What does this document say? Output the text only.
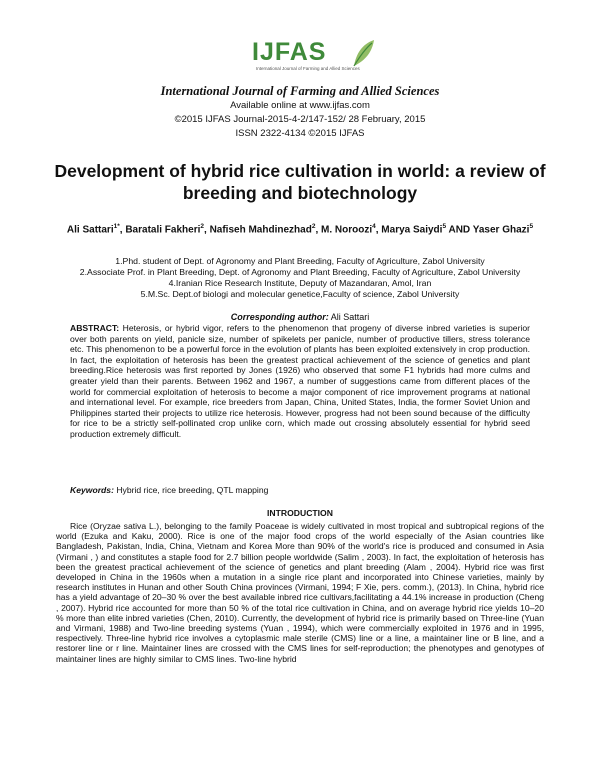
IJFAS
International Journal of Farming and Allied Sciences
International Journal of Farming and Allied Sciences
Available online at www.ijfas.com
©2015 IJFAS Journal-2015-4-2/147-152/ 28 February, 2015
ISSN 2322-4134 ©2015 IJFAS
Development of hybrid rice cultivation in world: a review of breeding and biotechnology
Ali Sattari$^{1*}$, Baratali Fakheri$^2$, Nafiseh Mahdinezhad$^2$, M. Noroozi$^4$, Marya Saiydi$^5$ AND Yaser Ghazi$^5$
1.Phd. student of Dept. of Agronomy and Plant Breeding, Faculty of Agriculture, Zabol University
2.Associate Prof. in Plant Breeding, Dept. of Agronomy and Plant Breeding, Faculty of Agriculture, Zabol University
4.Iranian Rice Research Institute, Deputy of Mazandaran, Amol, Iran
5.M.Sc. Dept.of biologi and molecular genetice,Faculty of science, Zabol University
Corresponding author: Ali Sattari
ABSTRACT: Heterosis, or hybrid vigor, refers to the phenomenon that progeny of diverse inbred varieties is superior over both parents on yield, panicle size, number of spikelets per panicle, number of productive tillers, stress tolerance etc. This phenomenon to be a powerful force in the evolution of plants has been exploited extensively in crop production. In fact, the exploitation of heterosis has been the greatest practical achievement of the science of genetics and plant breeding.Rice heterosis was first reported by Jones (1926) who observed that some F1 hybrids had more culms and greater yield than their parents. Between 1962 and 1967, a number of suggestions came from different places of the world for commercial exploitation of heterosis to become a major component of rice improvement programs at national and international level. For example, rice breeders from Japan, China, United States, India, the former Soviet Union and Philippines started their projects to utilize rice heterosis. However, progress had not been sound because of the difficulty for rice to be a strictly self-pollinated crop unlike corn, which made out crossing absolutely essential for hybrid seed production extremely difficult.
Keywords: Hybrid rice, rice breeding, QTL mapping
INTRODUCTION
Rice (Oryzae sativa L.), belonging to the family Poaceae is widely cultivated in most tropical and subtropical regions of the world (Ezuka and Kaku, 2000). Rice is one of the major food crops of the world especially of the Asian countries like Bangladesh, Pakistan, India, China, Vietnam and Korea More than 90% of the world's rice is produced and consumed in Asia (Virmani , ) and constitutes a staple food for 2.7 billion people worldwide (Salim , 2003). In fact, the exploitation of heterosis has been the greatest practical achievement of the science of genetics and plant breeding (Alam , 2004). Hybrid rice was first developed in China in the 1960s when a mutation in a single rice plant and incorporated into Chinese varieties, mainly by research institutes in Hunan and other South China provinces (Virmani, 1994; F Xie, pers. comm.), (2013). In China, hybrid rice has a yield advantage of 20–30 % over the best available inbred rice cultivars,facilitating a 44.1% increase in production (Cheng , 2007). Hybrid rice accounted for more than 50 % of the total rice cultivation in China, and on average hybrid rice yields 10–20 % more than elite inbred varieties (Chen, 2010). Currently, the development of hybrid rice is primarily based on Three-line (Yuan and Virmani, 1988) and Two-line breeding systems (Yuan , 1994), which were commercially exploited in 1976 and in 1995, respectively. Three-line hybrid rice involves a cytoplasmic male sterile (CMS) line or a line, a maintainer line or B line, and a restorer line or r line. Maintainer lines are crossed with the CMS lines for self-reproduction; the phenotypes and genotypes of maintainer lines are highly similar to CMS lines. Two-line hybrid
